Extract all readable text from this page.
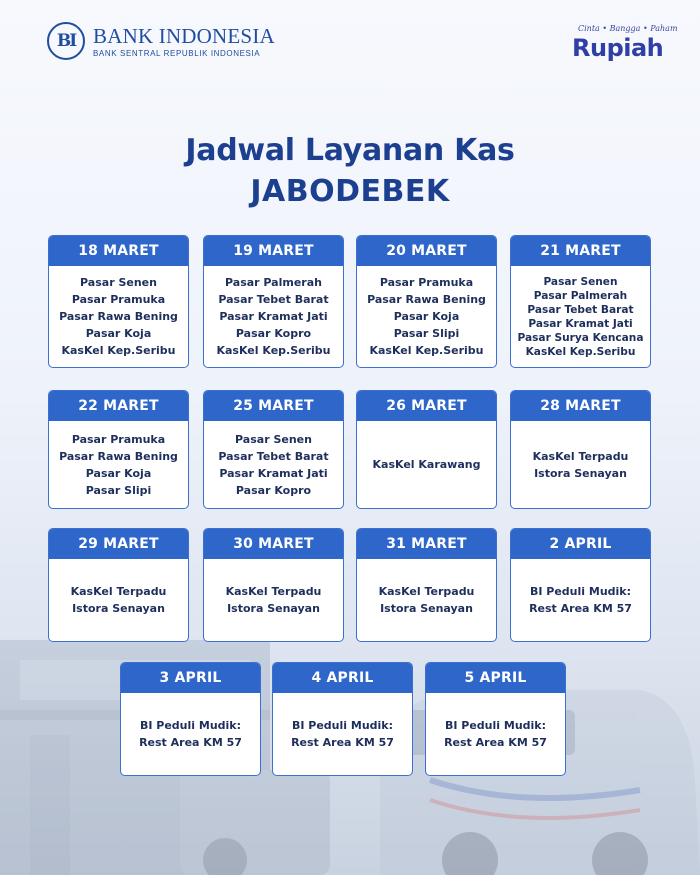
BI BANK INDONESIA
BANK SENTRAL REPUBLIK INDONESIA
Cinta • Bangga • Paham
Rupiah
Jadwal Layanan Kas
JABODEBEK
18 MARET
Pasar Senen
Pasar Pramuka
Pasar Rawa Bening
Pasar Koja
KasKel Kep.Seribu
19 MARET
Pasar Palmerah
Pasar Tebet Barat
Pasar Kramat Jati
Pasar Kopro
KasKel Kep.Seribu
20 MARET
Pasar Pramuka
Pasar Rawa Bening
Pasar Koja
Pasar Slipi
KasKel Kep.Seribu
21 MARET
Pasar Senen
Pasar Palmerah
Pasar Tebet Barat
Pasar Kramat Jati
Pasar Surya Kencana
KasKel Kep.Seribu
22 MARET
Pasar Pramuka
Pasar Rawa Bening
Pasar Koja
Pasar Slipi
25 MARET
Pasar Senen
Pasar Tebet Barat
Pasar Kramat Jati
Pasar Kopro
26 MARET
KasKel Karawang
28 MARET
KasKel Terpadu
Istora Senayan
29 MARET
KasKel Terpadu
Istora Senayan
30 MARET
KasKel Terpadu
Istora Senayan
31 MARET
KasKel Terpadu
Istora Senayan
2 APRIL
BI Peduli Mudik:
Rest Area KM 57
3 APRIL
BI Peduli Mudik:
Rest Area KM 57
4 APRIL
BI Peduli Mudik:
Rest Area KM 57
5 APRIL
BI Peduli Mudik:
Rest Area KM 57
